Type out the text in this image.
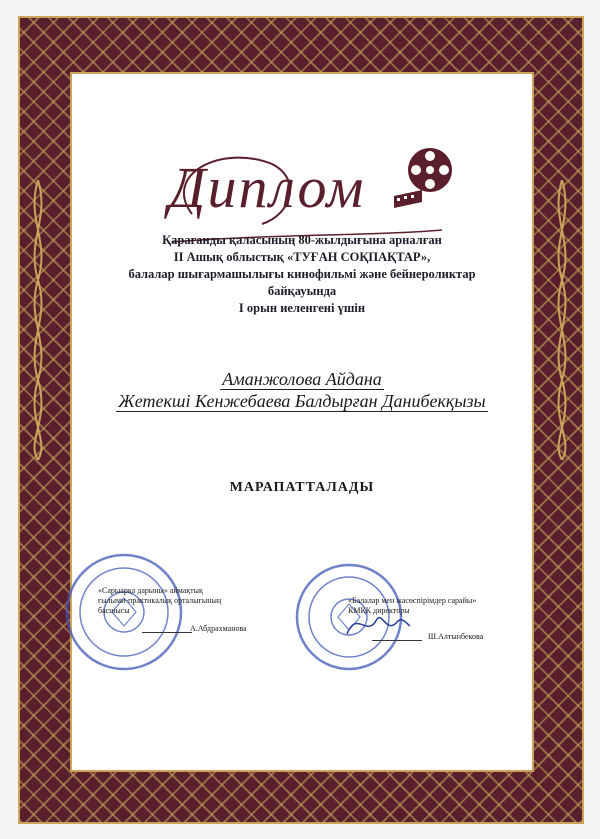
Диплом
Қарағанды қаласының 80-жылдығына арналған
II Ашық облыстық «ТУҒАН СОҚПАҚТАР»,
балалар шығармашылығы кинофильмі және бейнероликтар
байқауында
I орын иеленгені үшін
Аманжолова Айдана
Жетекші Кенжебаева Балдырған Данибекқызы
МАРАПАТТАЛАДЫ
«Сарыарқа дарыны» аймақтық
ғылыми-практикалық орталығының
басшысы
А.Абдрахманова
«Балалар мен жасөспірімдер сарайы»
КМҚК директоры
Ш.Алтынбекова
